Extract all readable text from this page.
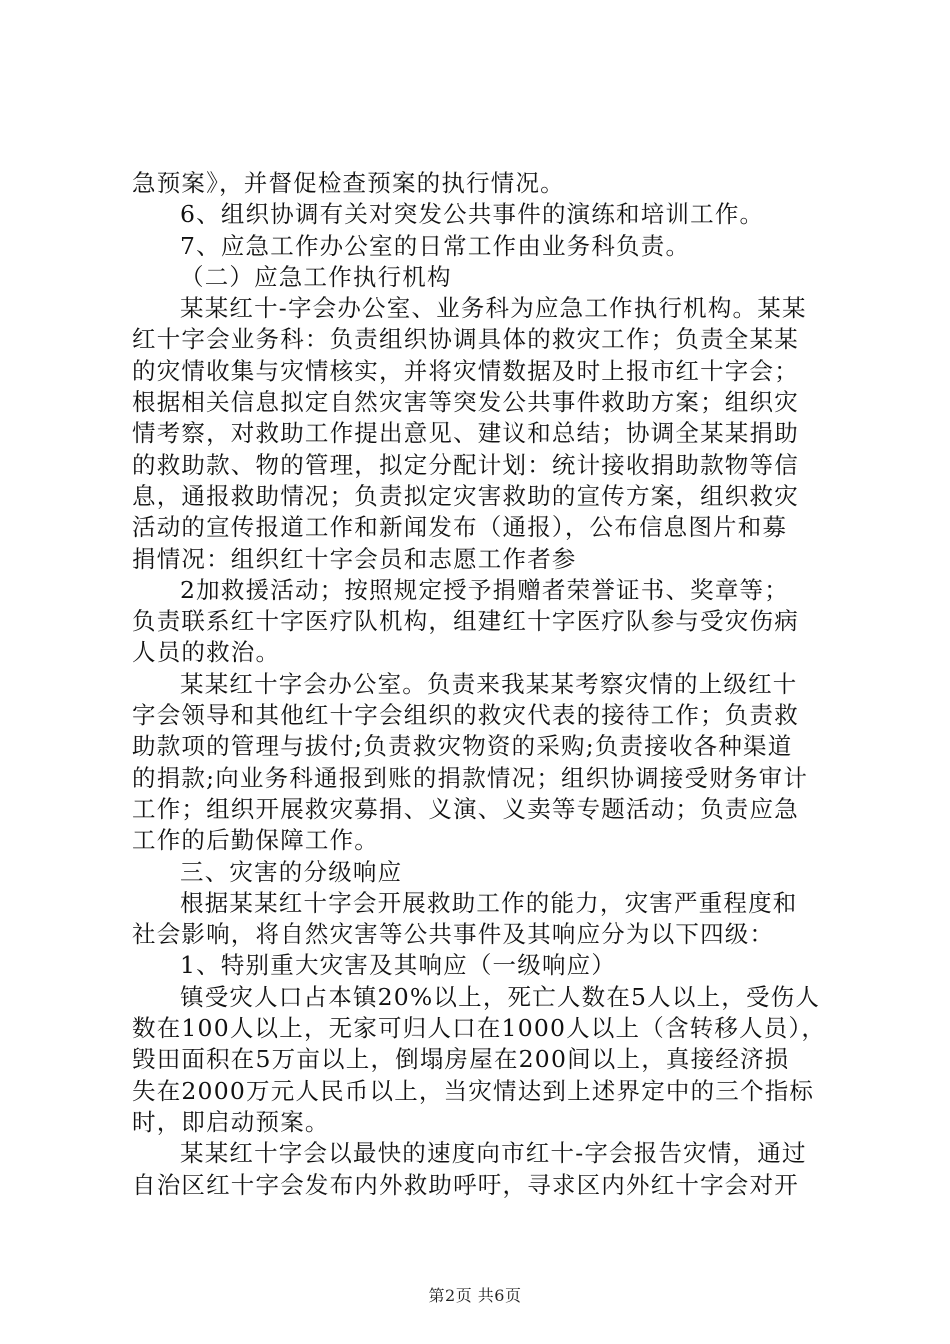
急预案》，并督促检查预案的执行情况。
6、组织协调有关对突发公共事件的演练和培训工作。
7、应急工作办公室的日常工作由业务科负责。
（二）应急工作执行机构
某某红十-字会办公室、业务科为应急工作执行机构。某某
红十字会业务科：负责组织协调具体的救灾工作；负责全某某
的灾情收集与灾情核实，并将灾情数据及时上报市红十字会；
根据相关信息拟定自然灾害等突发公共事件救助方案；组织灾
情考察，对救助工作提出意见、建议和总结；协调全某某捐助
的救助款、物的管理，拟定分配计划：统计接收捐助款物等信
息，通报救助情况；负责拟定灾害救助的宣传方案，组织救灾
活动的宣传报道工作和新闻发布（通报），公布信息图片和募
捐情况：组织红十字会员和志愿工作者参
2加救援活动；按照规定授予捐赠者荣誉证书、奖章等；
负责联系红十字医疗队机构，组建红十字医疗队参与受灾伤病
人员的救治。
某某红十字会办公室。负责来我某某考察灾情的上级红十
字会领导和其他红十字会组织的救灾代表的接待工作；负责救
助款项的管理与拔付;负责救灾物资的采购;负责接收各种渠道
的捐款;向业务科通报到账的捐款情况；组织协调接受财务审计
工作；组织开展救灾募捐、义演、义卖等专题活动；负责应急
工作的后勤保障工作。
三、灾害的分级响应
根据某某红十字会开展救助工作的能力，灾害严重程度和
社会影响，将自然灾害等公共事件及其响应分为以下四级：
1、特别重大灾害及其响应（一级响应）
镇受灾人口占本镇20%以上，死亡人数在5人以上，受伤人
数在100人以上，无家可归人口在1000人以上（含转移人员），
毁田面积在5万亩以上，倒塌房屋在200间以上，真接经济损
失在2000万元人民币以上，当灾情达到上述界定中的三个指标
时，即启动预案。
某某红十字会以最快的速度向市红十-字会报告灾情，通过
自治区红十字会发布内外救助呼吁，寻求区内外红十字会对开
第2页 共6页
